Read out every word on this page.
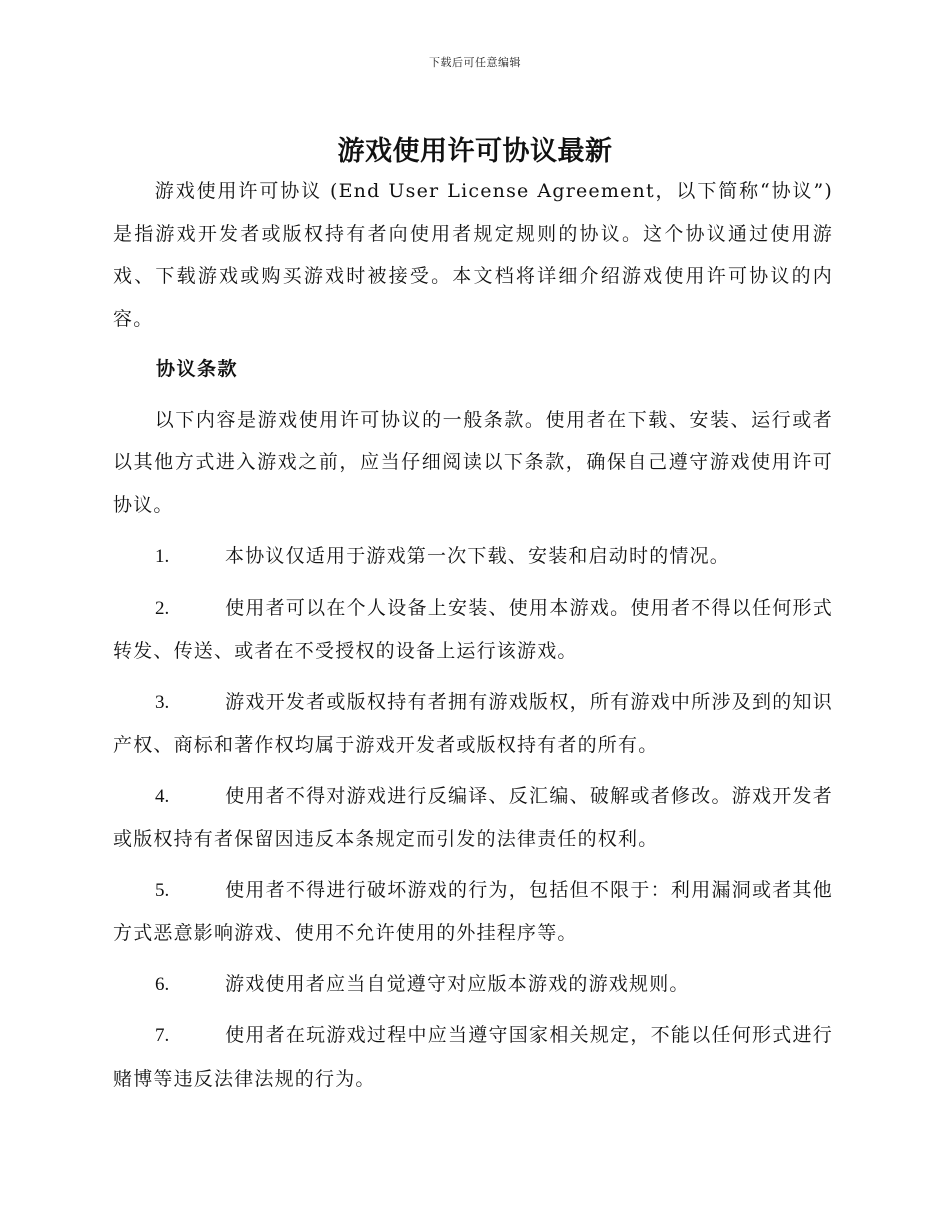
下载后可任意编辑
游戏使用许可协议最新

游戏使用许可协议 (End User License Agreement，以下简称“协议”) 是指游戏开发者或版权持有者向使用者规定规则的协议。这个协议通过使用游戏、下载游戏或购买游戏时被接受。本文档将详细介绍游戏使用许可协议的内容。

协议条款

以下内容是游戏使用许可协议的一般条款。使用者在下载、安装、运行或者以其他方式进入游戏之前，应当仔细阅读以下条款，确保自己遵守游戏使用许可协议。

1.	本协议仅适用于游戏第一次下载、安装和启动时的情况。

2.	使用者可以在个人设备上安装、使用本游戏。使用者不得以任何形式转发、传送、或者在不受授权的设备上运行该游戏。

3.	游戏开发者或版权持有者拥有游戏版权，所有游戏中所涉及到的知识产权、商标和著作权均属于游戏开发者或版权持有者的所有。

4.	使用者不得对游戏进行反编译、反汇编、破解或者修改。游戏开发者或版权持有者保留因违反本条规定而引发的法律责任的权利。

5.	使用者不得进行破坏游戏的行为，包括但不限于：利用漏洞或者其他方式恶意影响游戏、使用不允许使用的外挂程序等。

6.	游戏使用者应当自觉遵守对应版本游戏的游戏规则。

7.	使用者在玩游戏过程中应当遵守国家相关规定，不能以任何形式进行赌博等违反法律法规的行为。
